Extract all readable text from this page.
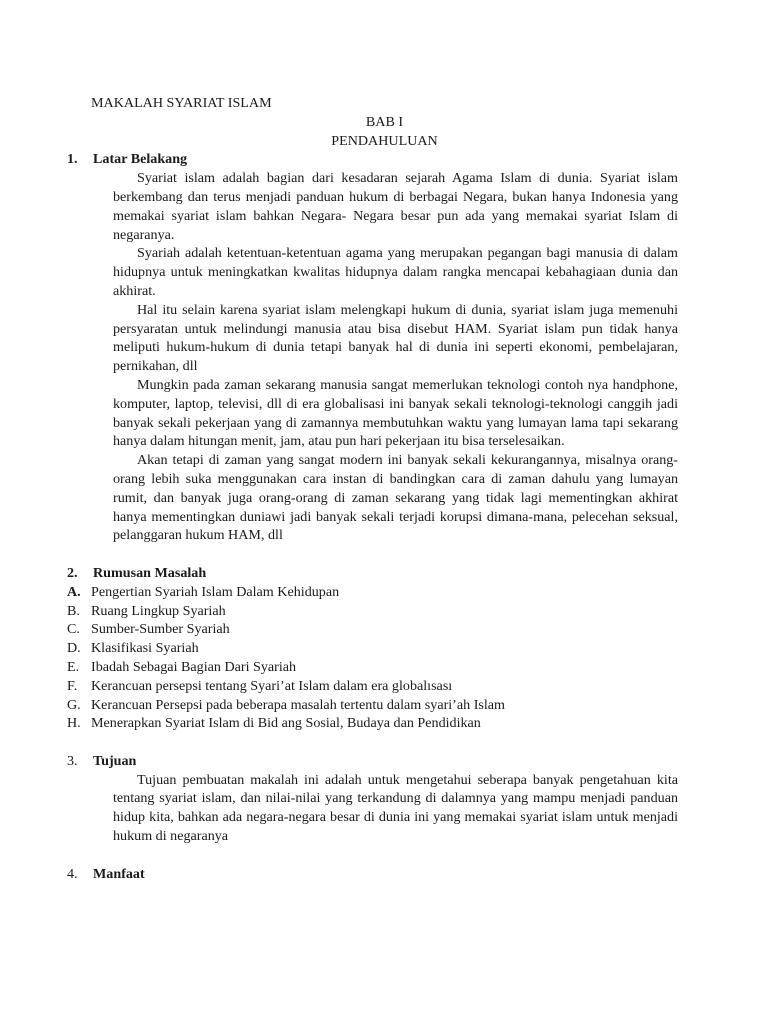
MAKALAH SYARIAT ISLAM
BAB I
PENDAHULUAN
1.	Latar Belakang

Syariat islam adalah bagian dari kesadaran sejarah Agama Islam di dunia. Syariat islam berkembang dan terus menjadi panduan hukum di berbagai Negara, bukan hanya Indonesia yang memakai syariat islam bahkan Negara- Negara besar pun ada yang memakai syariat Islam di negaranya.

Syariah adalah ketentuan-ketentuan agama yang merupakan pegangan bagi manusia di dalam hidupnya untuk meningkatkan kwalitas hidupnya dalam rangka mencapai kebahagiaan dunia dan akhirat.

Hal itu selain karena syariat islam melengkapi hukum di dunia, syariat islam juga memenuhi persyaratan untuk melindungi manusia atau bisa disebut HAM. Syariat islam pun tidak hanya meliputi hukum-hukum di dunia tetapi banyak hal di dunia ini seperti ekonomi, pembelajaran, pernikahan, dll

Mungkin pada zaman sekarang manusia sangat memerlukan teknologi contoh nya handphone, komputer, laptop, televisi, dll di era globalisasi ini banyak sekali teknologi-teknologi canggih jadi banyak sekali pekerjaan yang di zamannya membutuhkan waktu yang lumayan lama tapi sekarang hanya dalam hitungan menit, jam, atau pun hari pekerjaan itu bisa terselesaikan.

Akan tetapi di zaman yang sangat modern ini banyak sekali kekurangannya, misalnya orang-orang lebih suka menggunakan cara instan di bandingkan cara di zaman dahulu yang lumayan rumit, dan banyak juga orang-orang di zaman sekarang yang tidak lagi mementingkan akhirat hanya mementingkan duniawi jadi banyak sekali terjadi korupsi dimana-mana, pelecehan seksual, pelanggaran hukum HAM, dll

2.	Rumusan Masalah
A. Pengertian Syariah Islam Dalam Kehidupan
B. Ruang Lingkup Syariah
C. Sumber-Sumber Syariah
D. Klasifikasi Syariah
E. Ibadah Sebagai Bagian Dari Syariah
F. Kerancuan persepsi tentang Syari’at Islam dalam era globalısası
G. Kerancuan Persepsi pada beberapa masalah tertentu dalam syari’ah Islam
H. Menerapkan Syariat Islam di Bid ang Sosial, Budaya dan Pendidikan
3.	Tujuan

Tujuan pembuatan makalah ini adalah untuk mengetahui seberapa banyak pengetahuan kita tentang syariat islam, dan nilai-nilai yang terkandung di dalamnya yang mampu menjadi panduan hidup kita, bahkan ada negara-negara besar di dunia ini yang memakai syariat islam untuk menjadi hukum di negaranya

4.	Manfaat
